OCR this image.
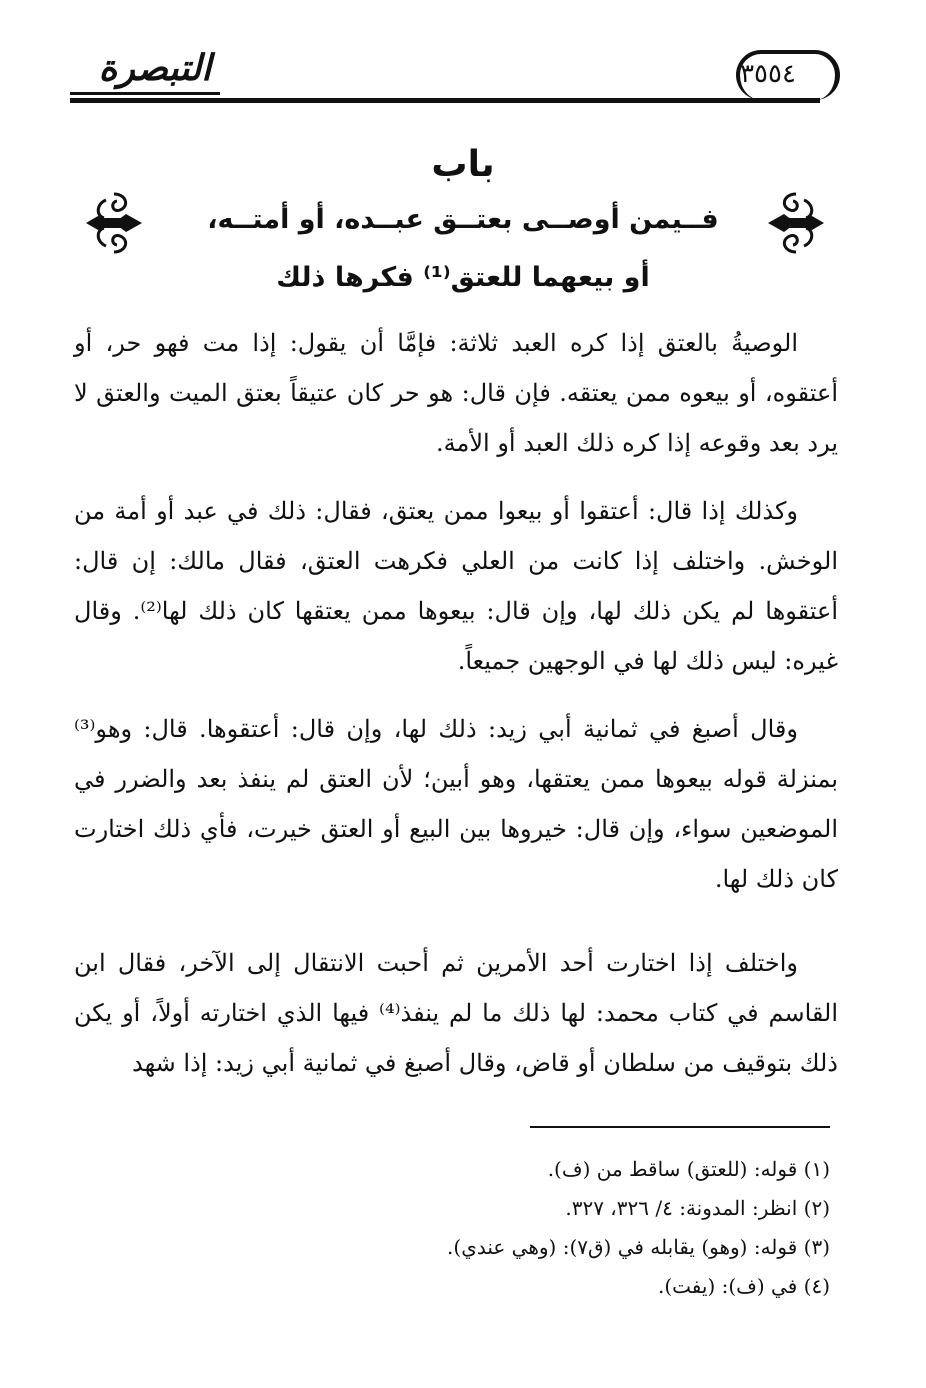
التبصرة	٣٥٥٤
باب
فــيمن أوصــى بعتــق عبــده، أو أمتــه،
أو بيعهما للعتق⁽¹⁾ فكرها ذلك

الوصيةُ بالعتق إذا كره العبد ثلاثة: فإمَّا أن يقول: إذا مت فهو حر، أو أعتقوه، أو بيعوه ممن يعتقه. فإن قال: هو حر كان عتيقاً بعتق الميت والعتق لا يرد بعد وقوعه إذا كره ذلك العبد أو الأمة.

وكذلك إذا قال: أعتقوا أو بيعوا ممن يعتق، فقال: ذلك في عبد أو أمة من الوخش. واختلف إذا كانت من العلي فكرهت العتق، فقال مالك: إن قال: أعتقوها لم يكن ذلك لها، وإن قال: بيعوها ممن يعتقها كان ذلك لها⁽²⁾. وقال غيره: ليس ذلك لها في الوجهين جميعاً.

وقال أصبغ في ثمانية أبي زيد: ذلك لها، وإن قال: أعتقوها. قال: وهو⁽³⁾ بمنزلة قوله بيعوها ممن يعتقها، وهو أبين؛ لأن العتق لم ينفذ بعد والضرر في الموضعين سواء، وإن قال: خيروها بين البيع أو العتق خيرت، فأي ذلك اختارت كان ذلك لها.

واختلف إذا اختارت أحد الأمرين ثم أحبت الانتقال إلى الآخر، فقال ابن القاسم في كتاب محمد: لها ذلك ما لم ينفذ⁽⁴⁾ فيها الذي اختارته أولاً، أو يكن ذلك بتوقيف من سلطان أو قاض، وقال أصبغ في ثمانية أبي زيد: إذا شهد

(١) قوله: (للعتق) ساقط من (ف).
(٢) انظر: المدونة: ٤/ ٣٢٦، ٣٢٧.
(٣) قوله: (وهو) يقابله في (ق٧): (وهي عندي).
(٤) في (ف): (يفت).
